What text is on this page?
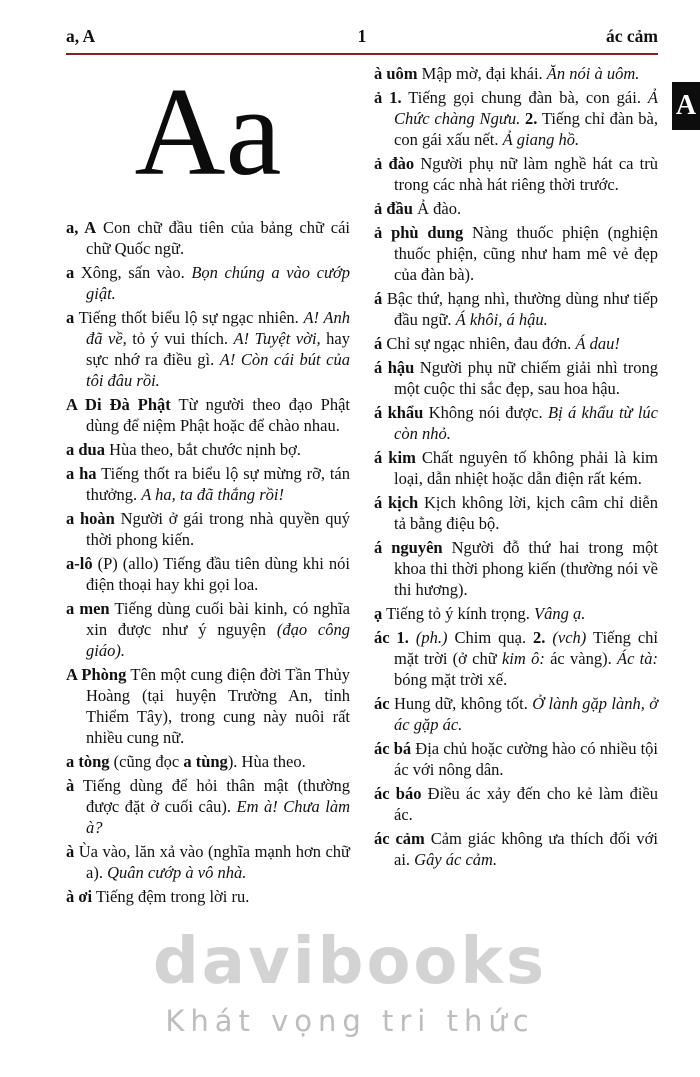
a, A	1	ác cảm
A
Aa

a, A Con chữ đầu tiên của bảng chữ cái chữ Quốc ngữ.

a Xông, sấn vào. Bọn chúng a vào cướp giật.

a Tiếng thốt biểu lộ sự ngạc nhiên. A! Anh đã về, tỏ ý vui thích. A! Tuyệt vời, hay sực nhớ ra điều gì. A! Còn cái bút của tôi đâu rồi.

A Di Đà Phật Từ người theo đạo Phật dùng để niệm Phật hoặc để chào nhau.

a dua Hùa theo, bắt chước nịnh bợ.

a ha Tiếng thốt ra biểu lộ sự mừng rỡ, tán thưởng. A ha, ta đã thắng rồi!

a hoàn Người ở gái trong nhà quyền quý thời phong kiến.

a-lô (P) (allo) Tiếng đầu tiên dùng khi nói điện thoại hay khi gọi loa.

a men Tiếng dùng cuối bài kinh, có nghĩa xin được như ý nguyện (đạo công giáo).

A Phòng Tên một cung điện đời Tần Thủy Hoàng (tại huyện Trường An, tỉnh Thiểm Tây), trong cung này nuôi rất nhiều cung nữ.

a tòng (cũng đọc a tùng). Hùa theo.

à Tiếng dùng để hỏi thân mật (thường được đặt ở cuối câu). Em à! Chưa làm à?

à Ùa vào, lăn xả vào (nghĩa mạnh hơn chữ a). Quân cướp à vô nhà.

à ơi Tiếng đệm trong lời ru.

à uôm Mập mờ, đại khái. Ăn nói à uôm.

ả 1. Tiếng gọi chung đàn bà, con gái. Ả Chức chàng Ngưu. 2. Tiếng chỉ đàn bà, con gái xấu nết. Ả giang hồ.

ả đào Người phụ nữ làm nghề hát ca trù trong các nhà hát riêng thời trước.

ả đầu Ả đào.

ả phù dung Nàng thuốc phiện (nghiện thuốc phiện, cũng như ham mê vẻ đẹp của đàn bà).

á Bậc thứ, hạng nhì, thường dùng như tiếp đầu ngữ. Á khôi, á hậu.

á Chỉ sự ngạc nhiên, đau đớn. Á dau!

á hậu Người phụ nữ chiếm giải nhì trong một cuộc thi sắc đẹp, sau hoa hậu.

á khẩu Không nói được. Bị á khẩu từ lúc còn nhỏ.

á kim Chất nguyên tố không phải là kim loại, dẫn nhiệt hoặc dẫn điện rất kém.

á kịch Kịch không lời, kịch câm chỉ diễn tả bằng điệu bộ.

á nguyên Người đỗ thứ hai trong một khoa thi thời phong kiến (thường nói về thi hương).

ạ Tiếng tỏ ý kính trọng. Vâng ạ.

ác 1. (ph.) Chim quạ. 2. (vch) Tiếng chỉ mặt trời (ở chữ kim ô: ác vàng). Ác tà: bóng mặt trời xế.

ác Hung dữ, không tốt. Ở lành gặp lành, ở ác gặp ác.

ác bá Địa chủ hoặc cường hào có nhiều tội ác với nông dân.

ác báo Điều ác xảy đến cho kẻ làm điều ác.

ác cảm Cảm giác không ưa thích đối với ai. Gây ác cảm.

davibooks
Khát vọng tri thức
